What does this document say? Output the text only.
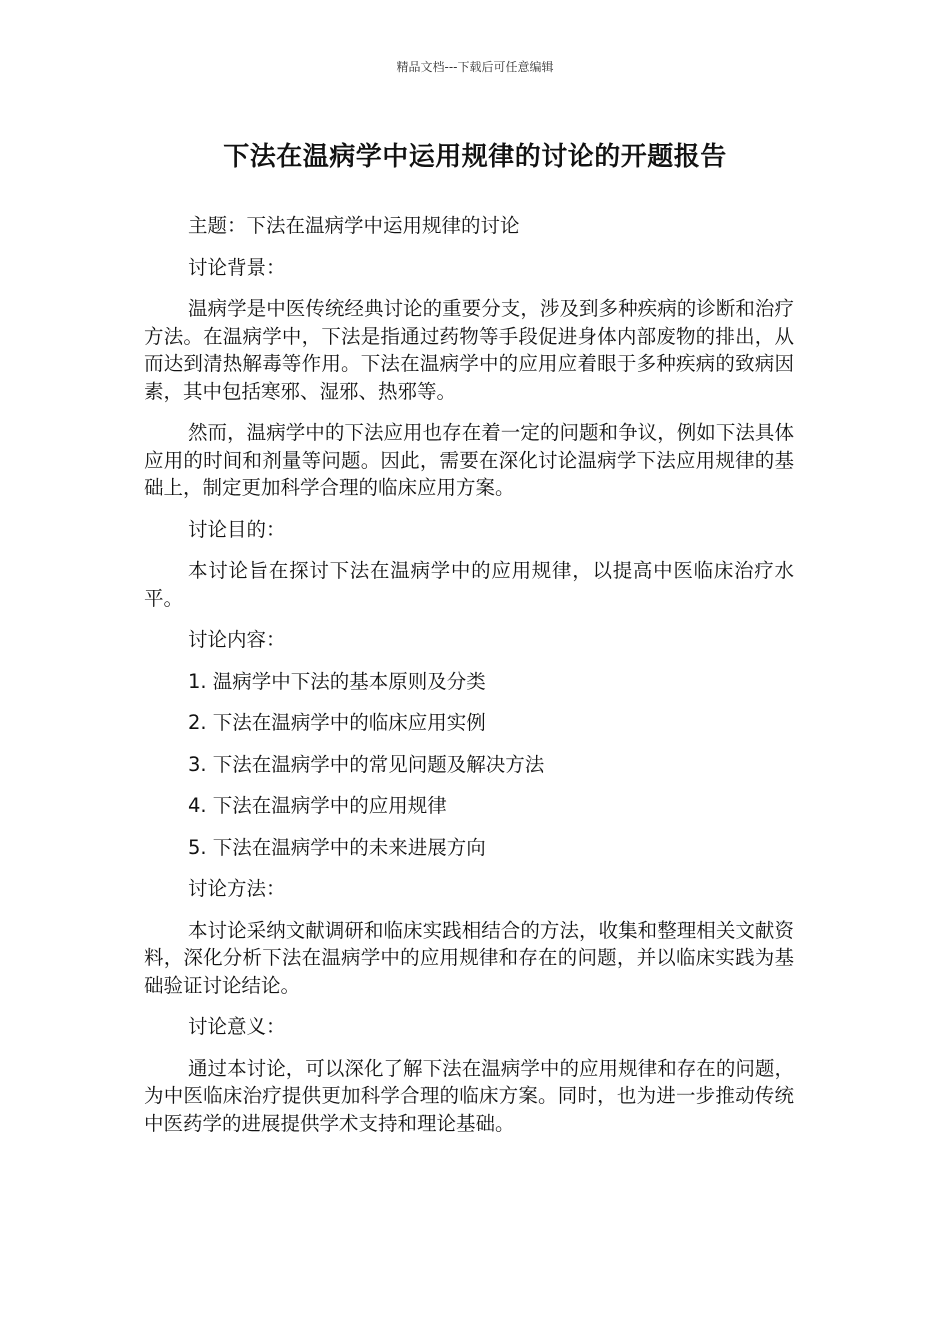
精品文档---下载后可任意编辑
下法在温病学中运用规律的讨论的开题报告

主题：下法在温病学中运用规律的讨论

讨论背景：

温病学是中医传统经典讨论的重要分支，涉及到多种疾病的诊断和治疗方法。在温病学中，下法是指通过药物等手段促进身体内部废物的排出，从而达到清热解毒等作用。下法在温病学中的应用应着眼于多种疾病的致病因素，其中包括寒邪、湿邪、热邪等。

然而，温病学中的下法应用也存在着一定的问题和争议，例如下法具体应用的时间和剂量等问题。因此，需要在深化讨论温病学下法应用规律的基础上，制定更加科学合理的临床应用方案。

讨论目的：

本讨论旨在探讨下法在温病学中的应用规律，以提高中医临床治疗水平。

讨论内容：

1. 温病学中下法的基本原则及分类

2. 下法在温病学中的临床应用实例

3. 下法在温病学中的常见问题及解决方法

4. 下法在温病学中的应用规律

5. 下法在温病学中的未来进展方向

讨论方法：

本讨论采纳文献调研和临床实践相结合的方法，收集和整理相关文献资料，深化分析下法在温病学中的应用规律和存在的问题，并以临床实践为基础验证讨论结论。

讨论意义：

通过本讨论，可以深化了解下法在温病学中的应用规律和存在的问题，为中医临床治疗提供更加科学合理的临床方案。同时，也为进一步推动传统中医药学的进展提供学术支持和理论基础。
